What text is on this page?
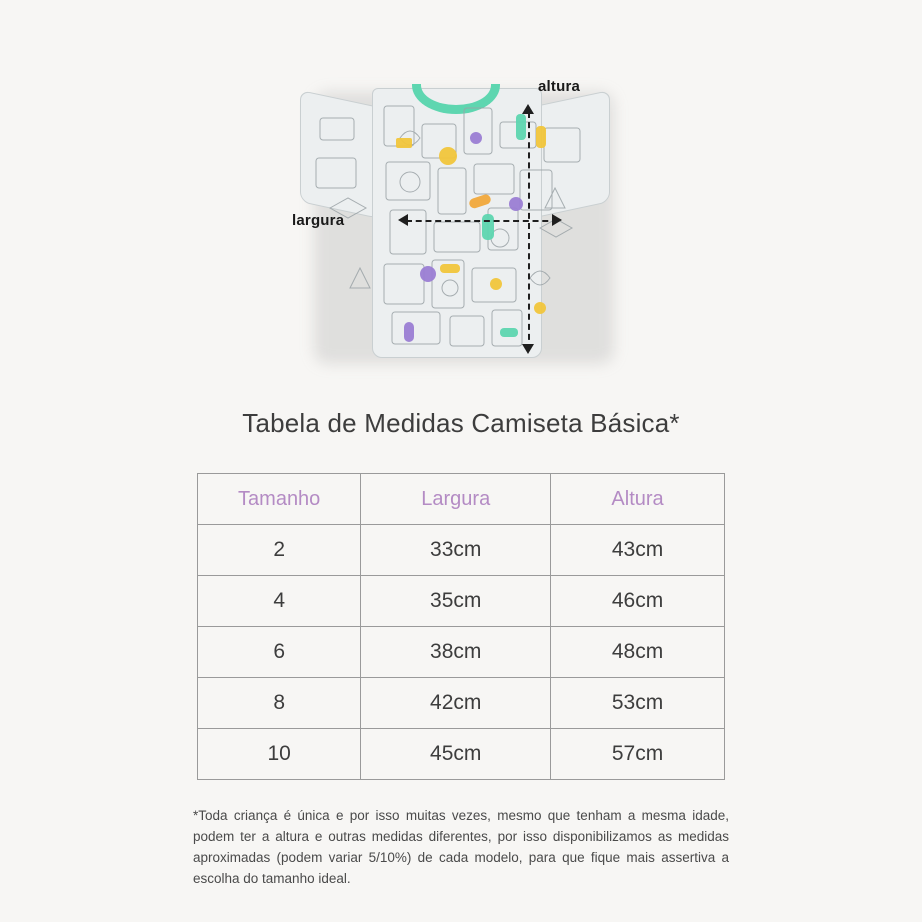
altura
largura
Tabela de Medidas Camiseta Básica*
Tamanho	Largura	Altura
2	33cm	43cm
4	35cm	46cm
6	38cm	48cm
8	42cm	53cm
10	45cm	57cm
*Toda criança é única e por isso muitas vezes, mesmo que tenham a mesma idade, podem ter a altura e outras medidas diferentes, por isso disponibilizamos as medidas aproximadas (podem variar 5/10%) de cada modelo, para que fique mais assertiva a escolha do tamanho ideal.
